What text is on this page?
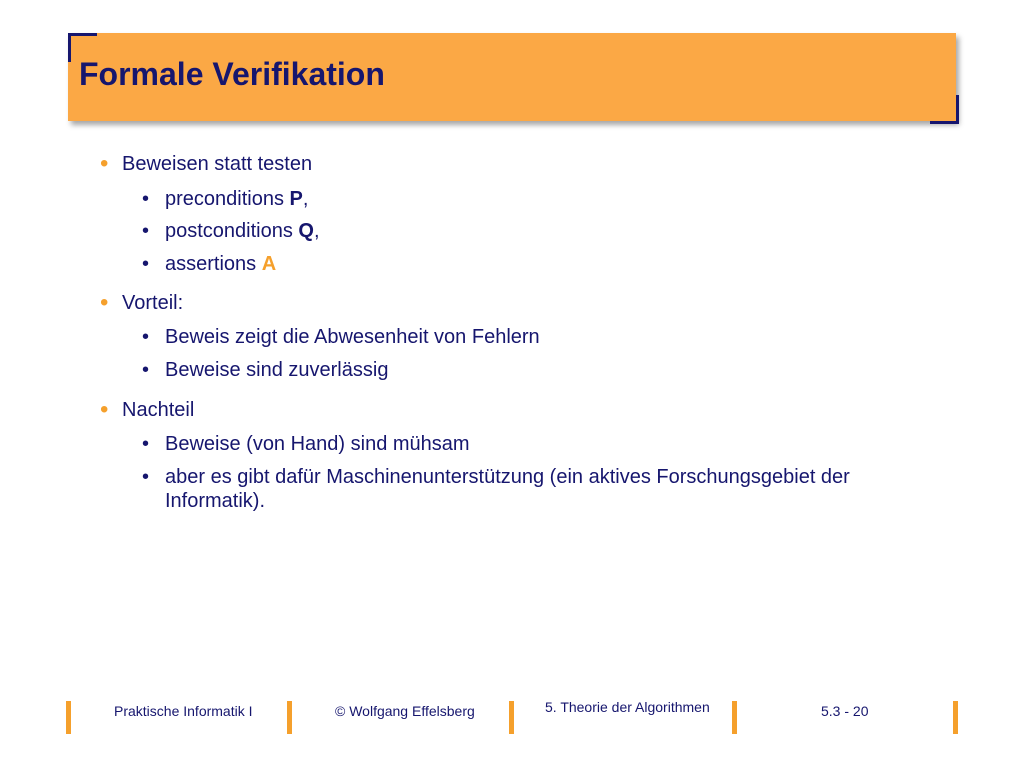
Formale Verifikation
• Beweisen statt testen
• preconditions P,
• postconditions Q,
• assertions A
• Vorteil:
• Beweis zeigt die Abwesenheit von Fehlern
• Beweise sind zuverlässig
• Nachteil
• Beweise (von Hand) sind mühsam
• aber es gibt dafür Maschinenunterstützung (ein aktives Forschungsgebiet der Informatik).
Praktische Informatik I	© Wolfgang Effelsberg	5. Theorie der Algorithmen	5.3 - 20
